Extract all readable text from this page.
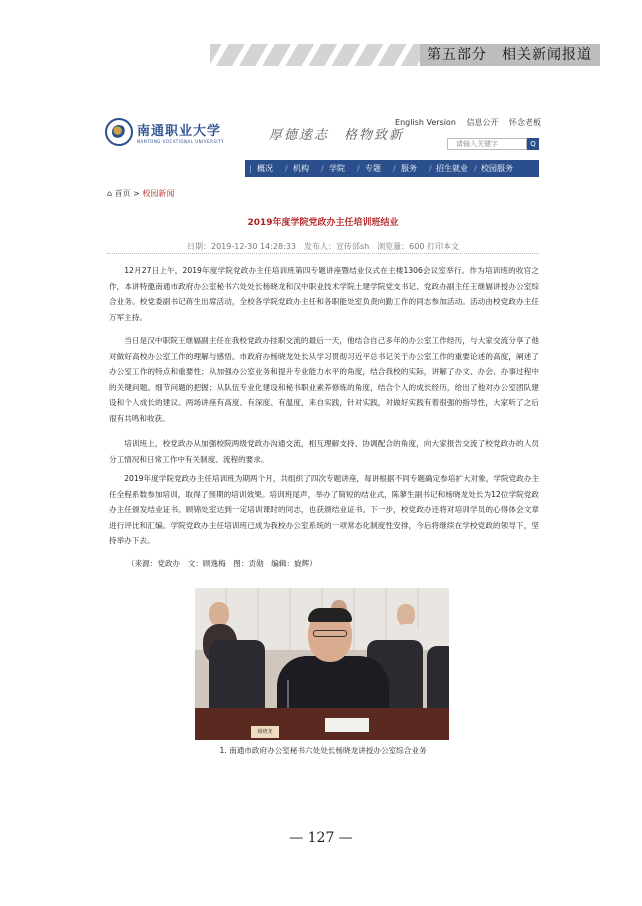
第五部分　相关新闻报道
南通职业大学
NANTONG VOCATIONAL UNIVERSITY	厚德逺志　格物致新
English Version 信息公开 怀念老板
请输入关键字	Q
| 概况 / 机构 / 学院 / 专题 / 服务 / 招生就业 / 校园服务
⌂ 首页 > 校园新闻
2019年度学院党政办主任培训班结业
日期：2019-12-30 14:28:33　发布人：宣传部sh　浏览量：600 打印本文

12月27日上午，2019年度学院党政办主任培训班第四专题讲座暨结业仪式在主楼1306会议室举行。作为培训班的收官之作，本讲特邀南通市政府办公室秘书六处处长杨晓龙和汉中职业技术学院土建学院党支书记、党政办副主任王继辐讲授办公室综合业务。校党委副书记蒋生出席活动，全校各学院党政办主任和各职能处室负责向勤工作的同志参加活动。活动由校党政办主任万军主持。

当日是汉中职院王继辐副主任在我校党政办挂职交流的最后一天，他结合自己多年的办公室工作经历，与大家交流分享了他对做好高校办公室工作的理解与感悟。市政府办杨晓龙处长从学习贯彻习近平总书记关于办公室工作的重要论述的高度，阐述了办公室工作的特点和重要性；从加强办公室业务和提升专业能力水平的角度，结合我校的实际，讲解了办文、办会、办事过程中的关键问题、细节问题的把握；从队伍专业化建设和秘书职业素养修炼的角度，结合个人的成长经历，给出了他对办公室团队建设和个人成长的建议。两场讲座有高度、有深度、有温度，来自实践，针对实践，对做好实践有着很强的指导性，大家听了之后很有共鸣和收获。

培训班上，校党政办从加强校院两级党政办沟通交流，相互理解支持、协调配合的角度，向大家报告交流了校党政办的人员分工情况和日常工作中有关制度、流程的要求。

2019年度学院党政办主任培训班为期两个月，共组织了四次专题讲座，每讲根据不同专题确定参培扩大对象，学院党政办主任全程系数参加培训，取得了预期的培训效果。培训班尾声，举办了简短的结业式，陈蓼生副书记和杨晓龙处长为12位学院党政办主任颁发结业证书。顾锦处室达到一定培训课时的同志，也获颁结业证书。下一步，校党政办还将对培训学员的心得体会文章进行评比和汇编。学院党政办主任培训班已成为我校办公室系统的一项常态化制度性安排，今后将继续在学校党政的领导下，坚持举办下去。

（来源：党政办　文：顾逸梅　图：贡勋　编辑：旋辉）
杨晓龙
1. 南通市政府办公室秘书六处处长杨晓龙讲授办公室综合业务
— 127 —
